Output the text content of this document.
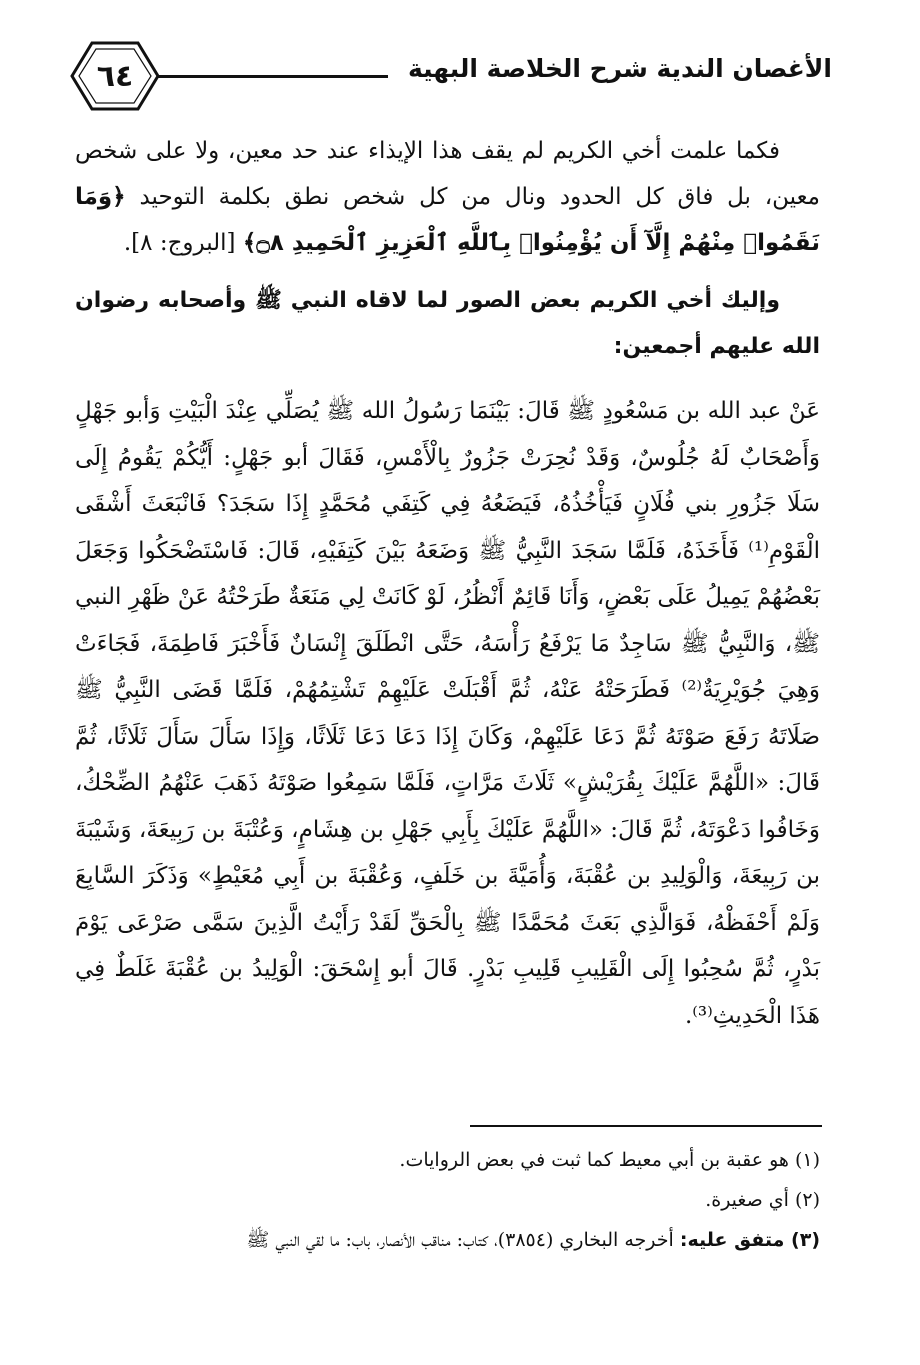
٦٤	الأغصان الندية شرح الخلاصة البهية

فكما علمت أخي الكريم لم يقف هذا الإيذاء عند حد معين، ولا على شخص معين، بل فاق كل الحدود ونال من كل شخص نطق بكلمة التوحيد ﴿وَمَا نَقَمُوا۟ مِنْهُمْ إِلَّآ أَن يُؤْمِنُوا۟ بِٱللَّهِ ٱلْعَزِيزِ ٱلْحَمِيدِ ۝٨﴾ [البروج: ٨].

وإليك أخي الكريم بعض الصور لما لاقاه النبي ﷺ وأصحابه رضوان الله عليهم أجمعين:

عَنْ عبد الله بن مَسْعُودٍ ﷺ قَالَ: بَيْنَمَا رَسُولُ الله ﷺ يُصَلِّي عِنْدَ الْبَيْتِ وَأبو جَهْلٍ وَأَصْحَابٌ لَهُ جُلُوسٌ، وَقَدْ نُحِرَتْ جَزُورٌ بِالْأَمْسِ، فَقَالَ أبو جَهْلٍ: أَيُّكُمْ يَقُومُ إِلَى سَلَا جَزُورِ بني فُلَانٍ فَيَأْخُذُهُ، فَيَضَعُهُ فِي كَتِفَي مُحَمَّدٍ إِذَا سَجَدَ؟ فَانْبَعَثَ أَشْقَى الْقَوْمِ⁽¹⁾ فَأَخَذَهُ، فَلَمَّا سَجَدَ النَّبِيُّ ﷺ وَضَعَهُ بَيْنَ كَتِفَيْهِ، قَالَ: فَاسْتَضْحَكُوا وَجَعَلَ بَعْضُهُمْ يَمِيلُ عَلَى بَعْضٍ، وَأَنَا قَائِمٌ أَنْظُرُ، لَوْ كَانَتْ لِي مَنَعَةٌ طَرَحْتُهُ عَنْ ظَهْرِ النبي ﷺ، وَالنَّبِيُّ ﷺ سَاجِدٌ مَا يَرْفَعُ رَأْسَهُ، حَتَّى انْطَلَقَ إِنْسَانٌ فَأَخْبَرَ فَاطِمَةَ، فَجَاءَتْ وَهِيَ جُوَيْرِيَةٌ⁽²⁾ فَطَرَحَتْهُ عَنْهُ، ثُمَّ أَقْبَلَتْ عَلَيْهِمْ تَشْتِمُهُمْ، فَلَمَّا قَضَى النَّبِيُّ ﷺ صَلَاتَهُ رَفَعَ صَوْتَهُ ثُمَّ دَعَا عَلَيْهِمْ، وَكَانَ إِذَا دَعَا دَعَا ثَلَاثًا، وَإِذَا سَأَلَ سَأَلَ ثَلَاثًا، ثُمَّ قَالَ: «اللَّهُمَّ عَلَيْكَ بِقُرَيْشٍ» ثَلَاثَ مَرَّاتٍ، فَلَمَّا سَمِعُوا صَوْتَهُ ذَهَبَ عَنْهُمُ الضِّحْكُ، وَخَافُوا دَعْوَتَهُ، ثُمَّ قَالَ: «اللَّهُمَّ عَلَيْكَ بِأَبِي جَهْلِ بن هِشَامٍ، وَعُتْبَةَ بن رَبِيعَةَ، وَشَيْبَةَ بن رَبِيعَةَ، وَالْوَلِيدِ بن عُقْبَةَ، وَأُمَيَّةَ بن خَلَفٍ، وَعُقْبَةَ بن أَبِي مُعَيْطٍ» وَذَكَرَ السَّابِعَ وَلَمْ أَحْفَظْهُ، فَوَالَّذِي بَعَثَ مُحَمَّدًا ﷺ بِالْحَقِّ لَقَدْ رَأَيْتُ الَّذِينَ سَمَّى صَرْعَى يَوْمَ بَدْرٍ، ثُمَّ سُحِبُوا إِلَى الْقَلِيبِ قَلِيبِ بَدْرٍ. قَالَ أبو إِسْحَقَ: الْوَلِيدُ بن عُقْبَةَ غَلَطٌ فِي هَذَا الْحَدِيثِ⁽³⁾.

(١) هو عقبة بن أبي معيط كما ثبت في بعض الروايات.

(٢) أي صغيرة.

(٣) متفق عليه: أخرجه البخاري (٣٨٥٤)، كتاب: مناقب الأنصار، باب: ما لقي النبي ﷺ
